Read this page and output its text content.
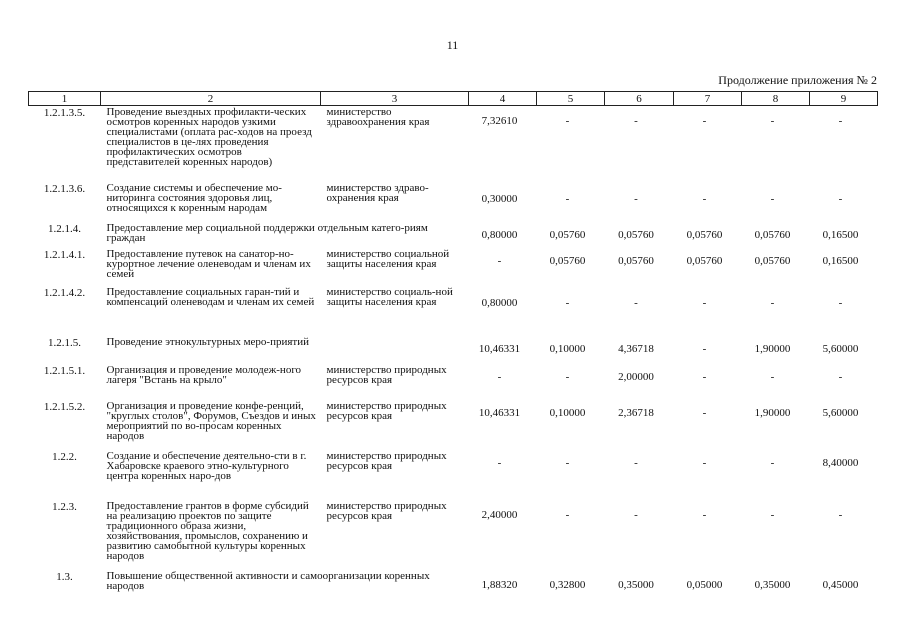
11
Продолжение приложения № 2
1	2	3	4	5	6	7	8	9
1.2.1.3.5.	Проведение выездных профилакти-ческих осмотров коренных народов узкими специалистами (оплата рас-ходов на проезд специалистов в це-лях проведения профилактических осмотров представителей коренных народов)	министерство здравоохранения края	7,32610	-	-	-	-	-
1.2.1.3.6.	Создание системы и обеспечение мо-ниторинга состояния здоровья лиц, относящихся к коренным народам	министерство здраво-охранения края	0,30000	-	-	-	-	-
1.2.1.4.	Предоставление мер социальной поддержки отдельным катего-риям граждан		0,80000	0,05760	0,05760	0,05760	0,05760	0,16500
1.2.1.4.1.	Предоставление путевок на санатор-но-курортное лечение оленеводам и членам их семей	министерство социальной защиты населения края	-	0,05760	0,05760	0,05760	0,05760	0,16500
1.2.1.4.2.	Предоставление социальных гаран-тий и компенсаций оленеводам и членам их семей	министерство социаль-ной защиты населения края	0,80000	-	-	-	-	-
1.2.1.5.	Проведение этнокультурных меро-приятий		10,46331	0,10000	4,36718	-	1,90000	5,60000
1.2.1.5.1.	Организация и проведение молодеж-ного лагеря "Встань на крыло"	министерство природных ресурсов края	-	-	2,00000	-	-	-
1.2.1.5.2.	Организация и проведение конфе-ренций, "круглых столов", Форумов, Съездов и иных мероприятий по во-просам коренных народов	министерство природных ресурсов края	10,46331	0,10000	2,36718	-	1,90000	5,60000
1.2.2.	Создание и обеспечение деятельно-сти в г. Хабаровске краевого этно-культурного центра коренных наро-дов	министерство природных ресурсов края	-	-	-	-	-	8,40000
1.2.3.	Предоставление грантов в форме субсидий на реализацию проектов по защите традиционного образа жизни, хозяйствования, промыслов, сохранению и развитию самобытной культуры коренных народов	министерство природных ресурсов края	2,40000	-	-	-	-	-
1.3.	Повышение общественной активности и самоорганизации коренных народов		1,88320	0,32800	0,35000	0,05000	0,35000	0,45000
